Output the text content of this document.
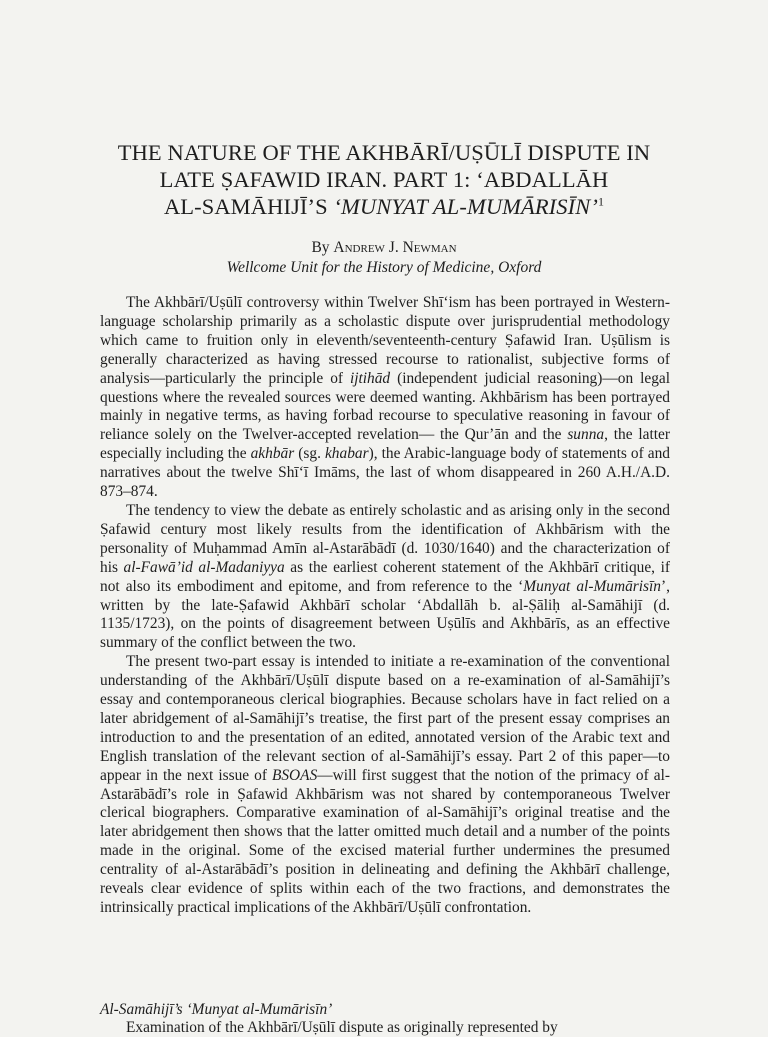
THE NATURE OF THE AKHBĀRĪ/UṢŪLĪ DISPUTE IN
LATE ṢAFAWID IRAN. PART 1: ‘ABDALLĀH
AL-SAMĀHIJĪ’S ‘MUNYAT AL-MUMĀRISĪN’$^1$
By Andrew J. Newman
Wellcome Unit for the History of Medicine, Oxford

The Akhbārī/Uṣūlī controversy within Twelver Shī‘ism has been portrayed in Western-language scholarship primarily as a scholastic dispute over jurisprudential methodology which came to fruition only in eleventh/seventeenth-century Ṣafawid Iran. Uṣūlism is generally characterized as having stressed recourse to rationalist, subjective forms of analysis—particularly the principle of ijtihād (independent judicial reasoning)—on legal questions where the revealed sources were deemed wanting. Akhbārism has been portrayed mainly in negative terms, as having forbad recourse to speculative reasoning in favour of reliance solely on the Twelver-accepted revelation— the Qur’ān and the sunna, the latter especially including the akhbār (sg. khabar), the Arabic-language body of statements of and narratives about the twelve Shī‘ī Imāms, the last of whom disappeared in 260 A.H./A.D. 873–874.

The tendency to view the debate as entirely scholastic and as arising only in the second Ṣafawid century most likely results from the identification of Akhbārism with the personality of Muḥammad Amīn al-Astarābādī (d. 1030/1640) and the characterization of his al-Fawā’id al-Madaniyya as the earliest coherent statement of the Akhbārī critique, if not also its embodiment and epitome, and from reference to the ‘Munyat al-Mumārisīn’, written by the late-Ṣafawid Akhbārī scholar ‘Abdallāh b. al-Ṣāliḥ al-Samāhijī (d. 1135/1723), on the points of disagreement between Uṣūlīs and Akhbārīs, as an effective summary of the conflict between the two.

The present two-part essay is intended to initiate a re-examination of the conventional understanding of the Akhbārī/Uṣūlī dispute based on a re-examination of al-Samāhijī’s essay and contemporaneous clerical biographies. Because scholars have in fact relied on a later abridgement of al-Samāhijī’s treatise, the first part of the present essay comprises an introduction to and the presentation of an edited, annotated version of the Arabic text and English translation of the relevant section of al-Samāhijī’s essay. Part 2 of this paper—to appear in the next issue of BSOAS—will first suggest that the notion of the primacy of al-Astarābādī’s role in Ṣafawid Akhbārism was not shared by contemporaneous Twelver clerical biographers. Comparative examination of al-Samāhijī’s original treatise and the later abridgement then shows that the latter omitted much detail and a number of the points made in the original. Some of the excised material further undermines the presumed centrality of al-Astarābādī’s position in delineating and defining the Akhbārī challenge, reveals clear evidence of splits within each of the two fractions, and demonstrates the intrinsically practical implications of the Akhbārī/Uṣūlī confrontation.

Al-Samāhijī’s ‘Munyat al-Mumārisīn’
Examination of the Akhbārī/Uṣūlī dispute as originally represented by
